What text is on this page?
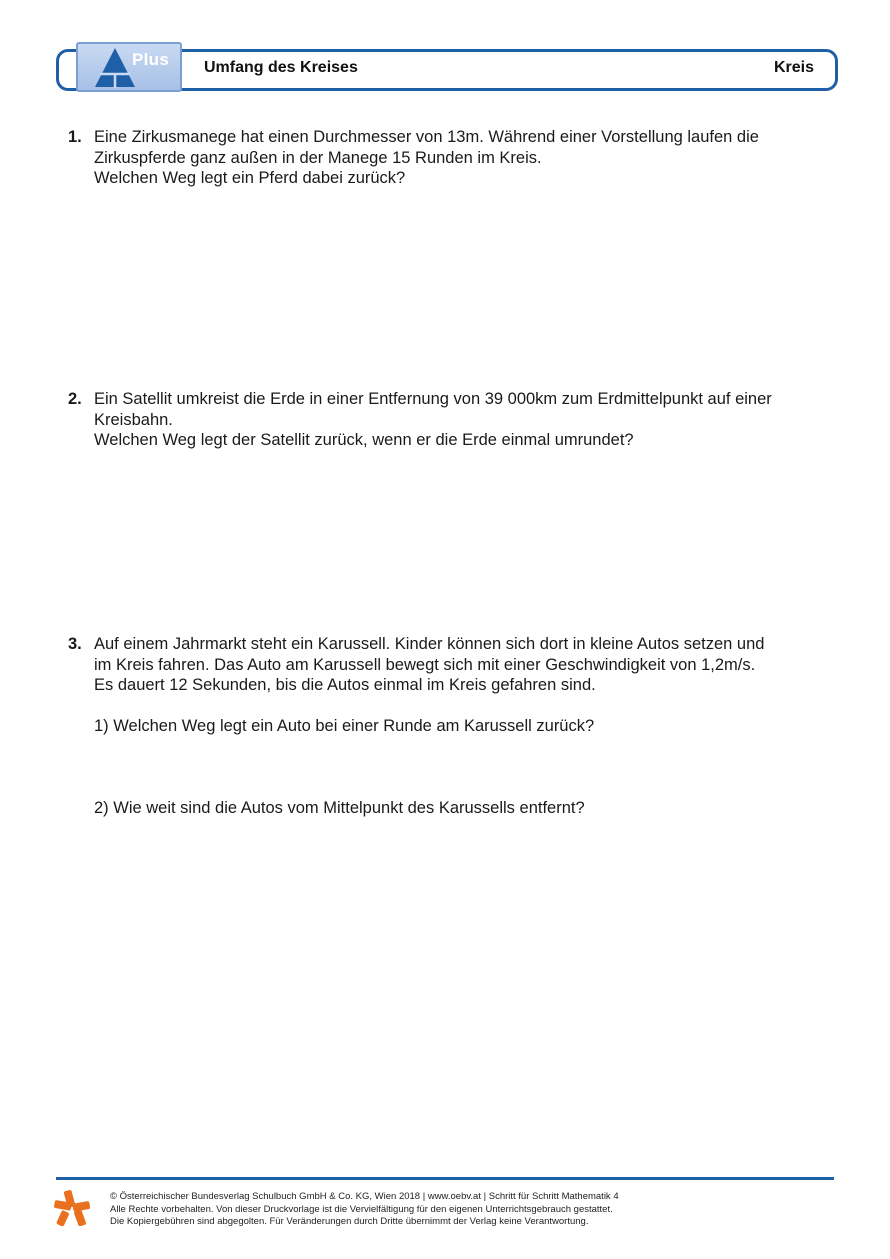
Plus Umfang des Kreises	Kreis
1. Eine Zirkusmanege hat einen Durchmesser von 13m. Während einer Vorstellung laufen die

Zirkuspferde ganz außen in der Manege 15 Runden im Kreis.

Welchen Weg legt ein Pferd dabei zurück?

2. Ein Satellit umkreist die Erde in einer Entfernung von 39 000km zum Erdmittelpunkt auf einer

Kreisbahn.

Welchen Weg legt der Satellit zurück, wenn er die Erde einmal umrundet?

3. Auf einem Jahrmarkt steht ein Karussell. Kinder können sich dort in kleine Autos setzen und

im Kreis fahren. Das Auto am Karussell bewegt sich mit einer Geschwindigkeit von 1,2m/s.

Es dauert 12 Sekunden, bis die Autos einmal im Kreis gefahren sind.

1) Welchen Weg legt ein Auto bei einer Runde am Karussell zurück?
2) Wie weit sind die Autos vom Mittelpunkt des Karussells entfernt?
© Österreichischer Bundesverlag Schulbuch GmbH & Co. KG, Wien 2018 | www.oebv.at | Schritt für Schritt Mathematik 4
Alle Rechte vorbehalten. Von dieser Druckvorlage ist die Vervielfältigung für den eigenen Unterrichtsgebrauch gestattet.
Die Kopiergebühren sind abgegolten. Für Veränderungen durch Dritte übernimmt der Verlag keine Verantwortung.
